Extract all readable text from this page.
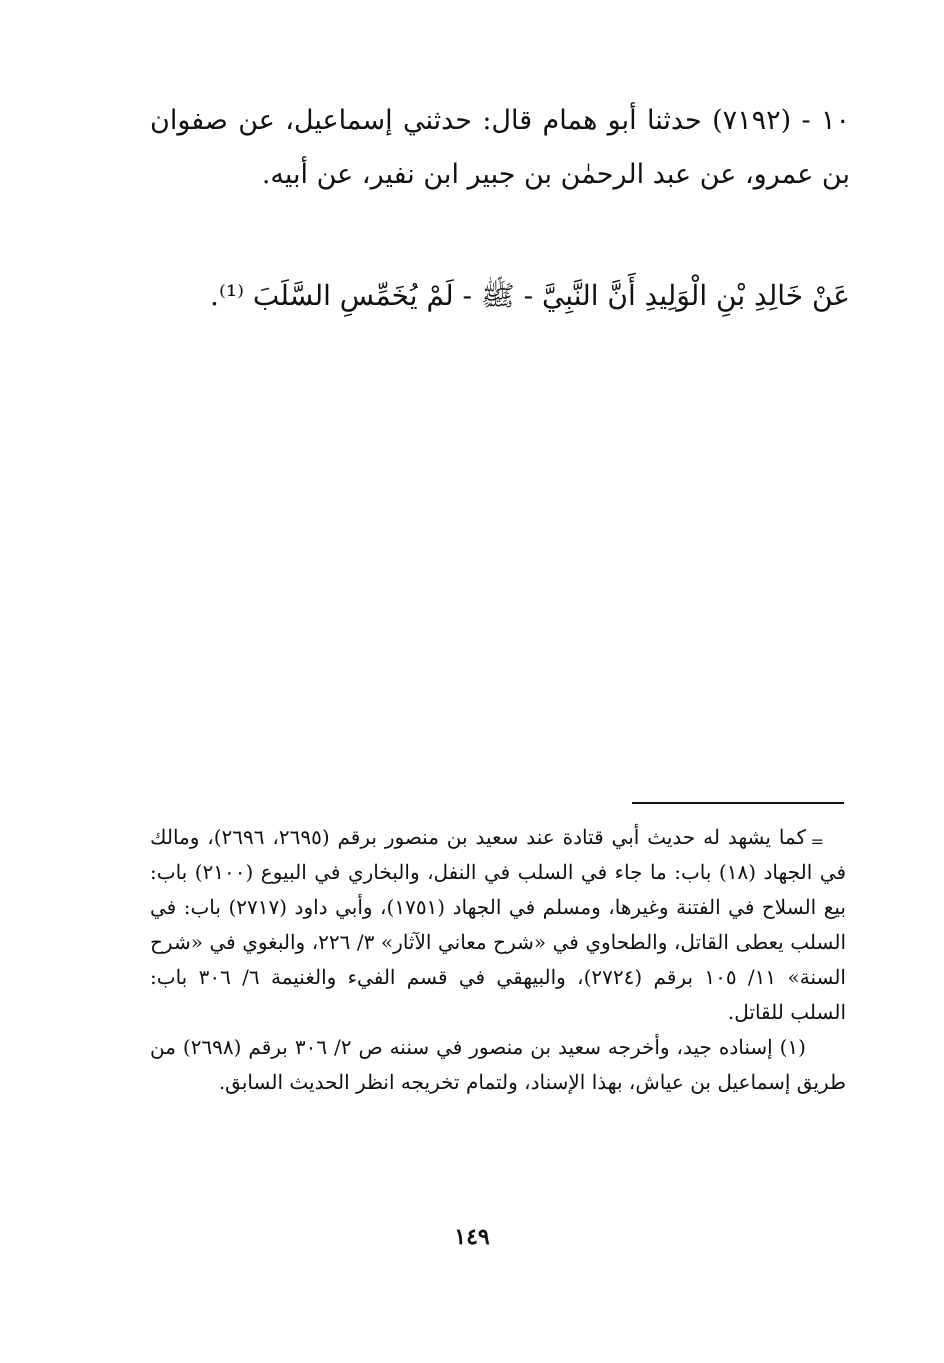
١٠ - (٧١٩٢) حدثنا أبو همام قال: حدثني إسماعيل، عن صفوان بن عمرو، عن عبد الرحمٰن بن جبير ابن نفير، عن أبيه.
عَنْ خَالِدِ بْنِ الْوَلِيدِ أَنَّ النَّبِيَّ - ﷺ - لَمْ يُخَمِّسِ السَّلَبَ ⁽¹⁾.

=
كما يشهد له حديث أبي قتادة عند سعيد بن منصور برقم (٢٦٩٥، ٢٦٩٦)، ومالك في الجهاد (١٨) باب: ما جاء في السلب في النفل، والبخاري في البيوع (٢١٠٠) باب: بيع السلاح في الفتنة وغيرها، ومسلم في الجهاد (١٧٥١)، وأبي داود (٢٧١٧) باب: في السلب يعطى القاتل، والطحاوي في «شرح معاني الآثار» ٣/ ٢٢٦، والبغوي في «شرح السنة» ١١/ ١٠٥ برقم (٢٧٢٤)، والبيهقي في قسم الفيء والغنيمة ٦/ ٣٠٦ باب: السلب للقاتل.

(١) إسناده جيد، وأخرجه سعيد بن منصور في سننه ص ٢/ ٣٠٦ برقم (٢٦٩٨) من طريق إسماعيل بن عياش، بهذا الإسناد، ولتمام تخريجه انظر الحديث السابق.

١٤٩
